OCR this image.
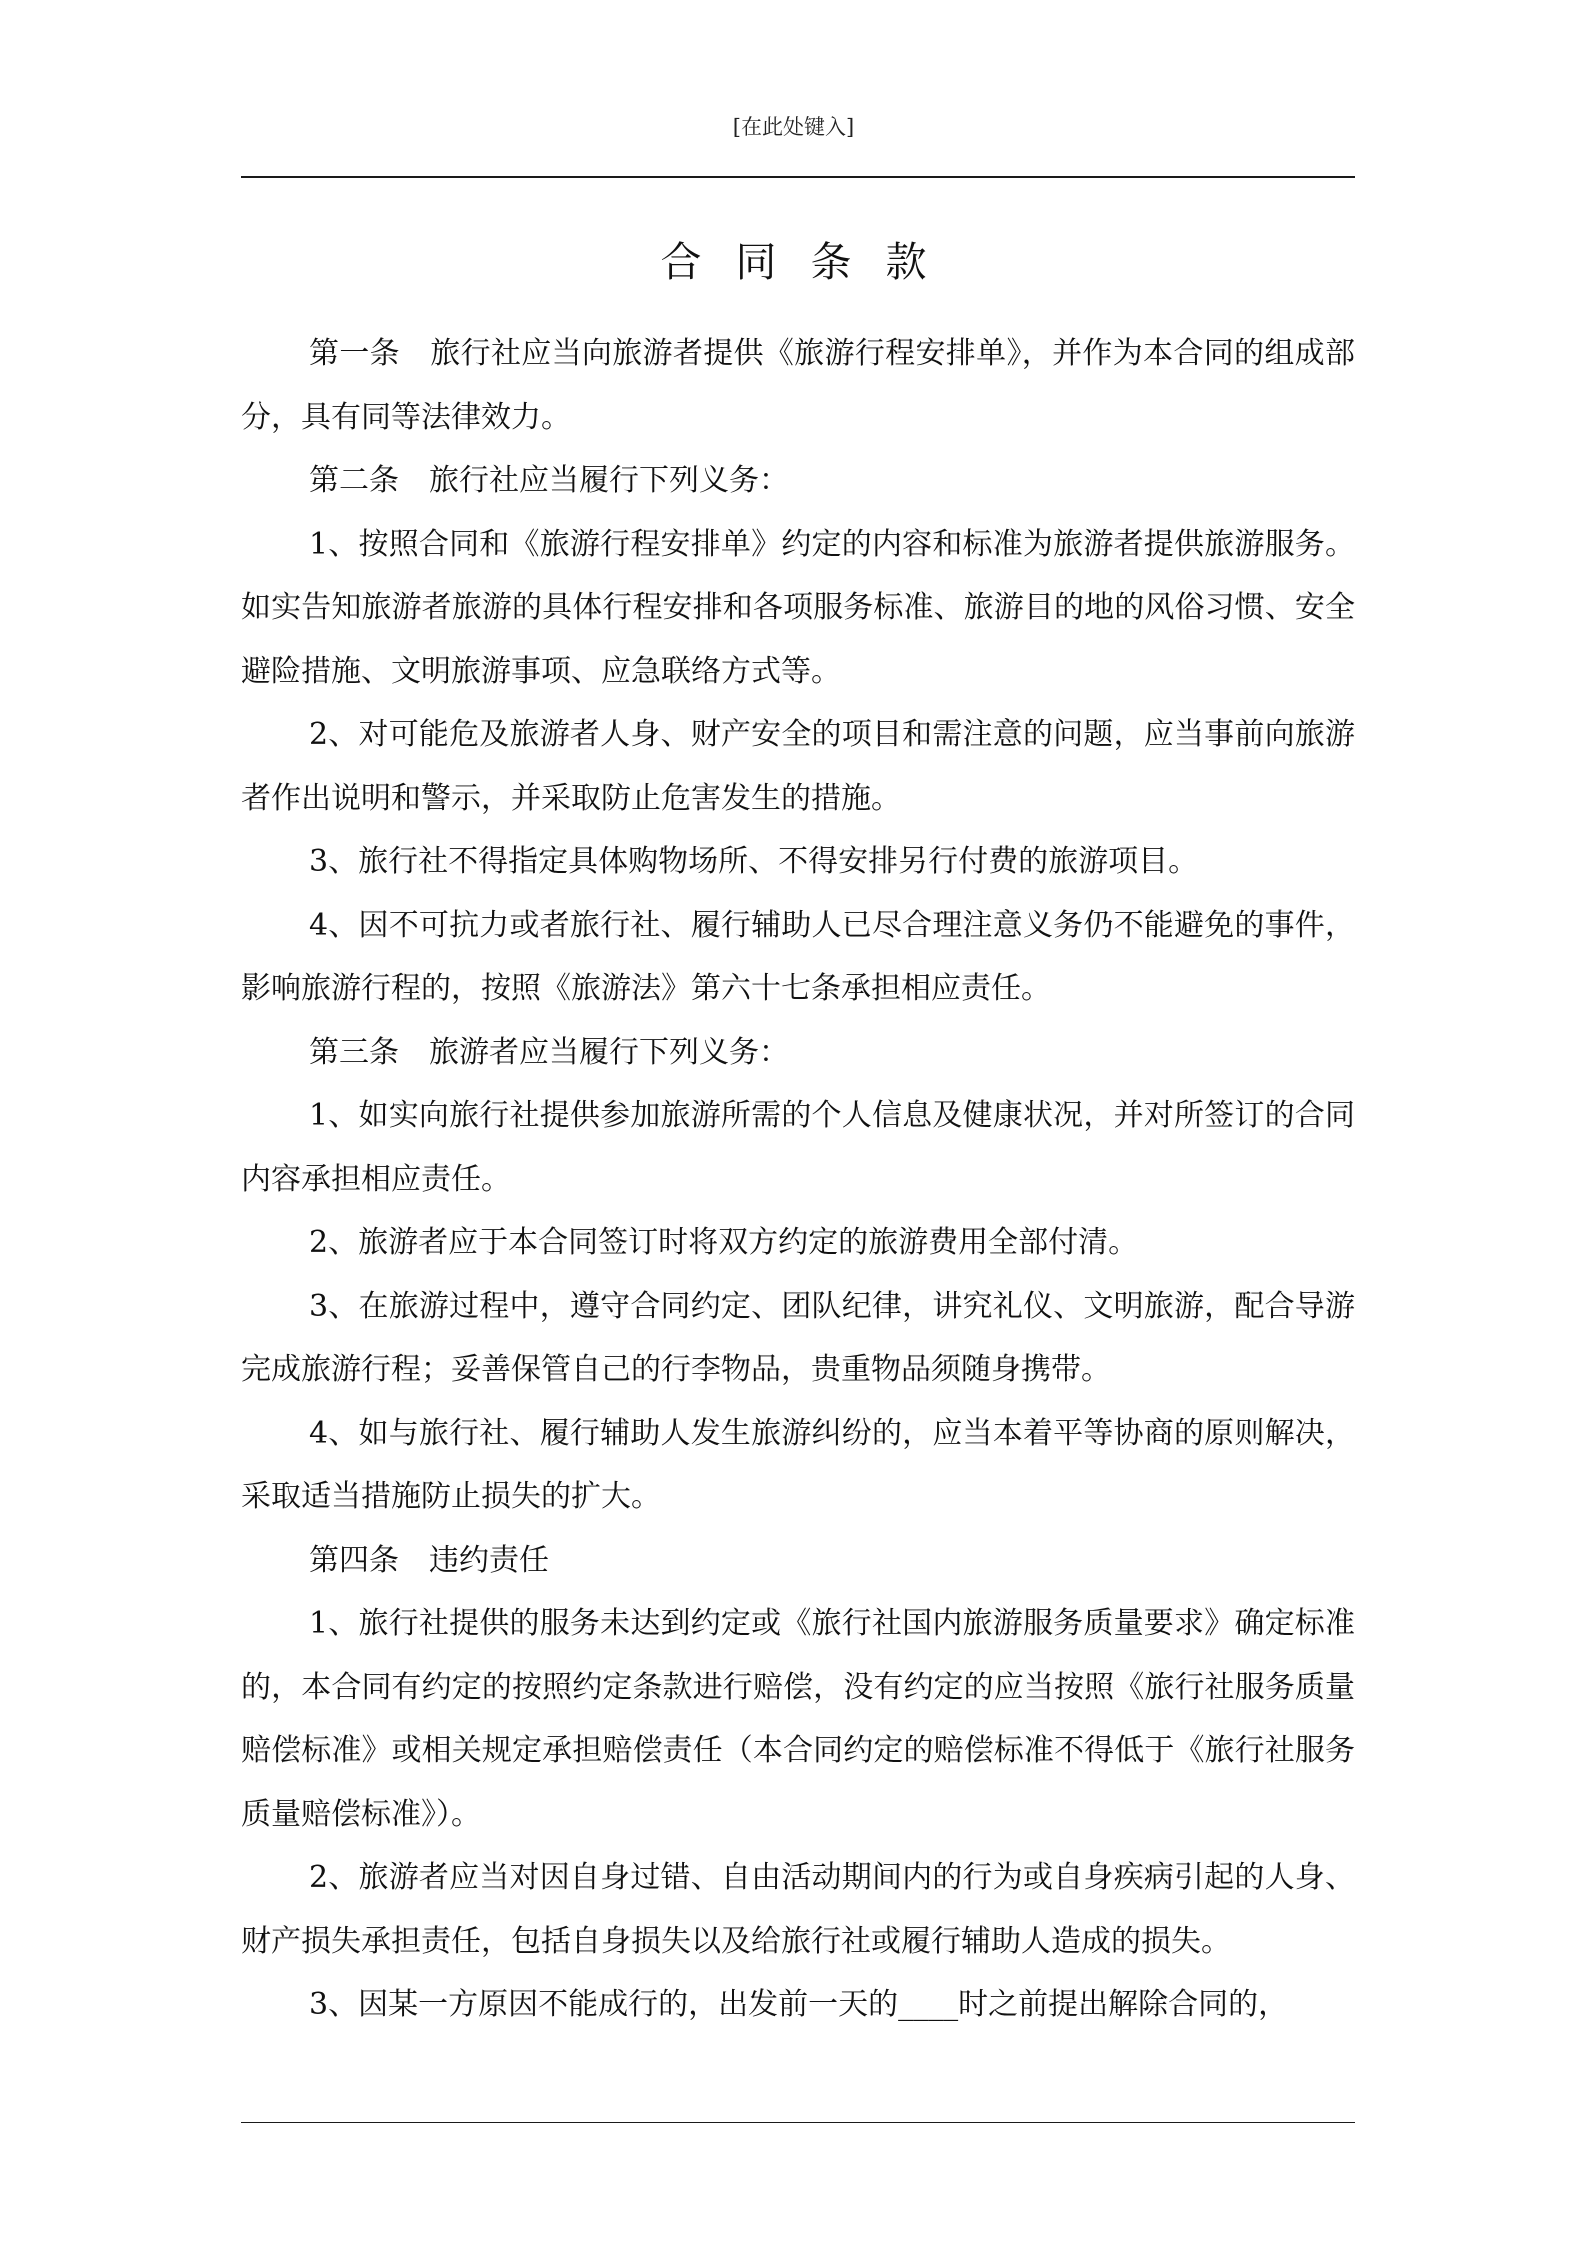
[在此处键入]
合同条款

第一条　旅行社应当向旅游者提供《旅游行程安排单》，并作为本合同的组成部分，具有同等法律效力。

第二条　旅行社应当履行下列义务：

1、按照合同和《旅游行程安排单》约定的内容和标准为旅游者提供旅游服务。如实告知旅游者旅游的具体行程安排和各项服务标准、旅游目的地的风俗习惯、安全避险措施、文明旅游事项、应急联络方式等。

2、对可能危及旅游者人身、财产安全的项目和需注意的问题，应当事前向旅游者作出说明和警示，并采取防止危害发生的措施。

3、旅行社不得指定具体购物场所、不得安排另行付费的旅游项目。

4、因不可抗力或者旅行社、履行辅助人已尽合理注意义务仍不能避免的事件，影响旅游行程的，按照《旅游法》第六十七条承担相应责任。

第三条　旅游者应当履行下列义务：

1、如实向旅行社提供参加旅游所需的个人信息及健康状况，并对所签订的合同内容承担相应责任。

2、旅游者应于本合同签订时将双方约定的旅游费用全部付清。

3、在旅游过程中，遵守合同约定、团队纪律，讲究礼仪、文明旅游，配合导游完成旅游行程；妥善保管自己的行李物品，贵重物品须随身携带。

4、如与旅行社、履行辅助人发生旅游纠纷的，应当本着平等协商的原则解决，采取适当措施防止损失的扩大。

第四条　违约责任

1、旅行社提供的服务未达到约定或《旅行社国内旅游服务质量要求》确定标准的，本合同有约定的按照约定条款进行赔偿，没有约定的应当按照《旅行社服务质量赔偿标准》或相关规定承担赔偿责任（本合同约定的赔偿标准不得低于《旅行社服务质量赔偿标准》）。

2、旅游者应当对因自身过错、自由活动期间内的行为或自身疾病引起的人身、财产损失承担责任，包括自身损失以及给旅行社或履行辅助人造成的损失。

3、因某一方原因不能成行的，出发前一天的____时之前提出解除合同的，
